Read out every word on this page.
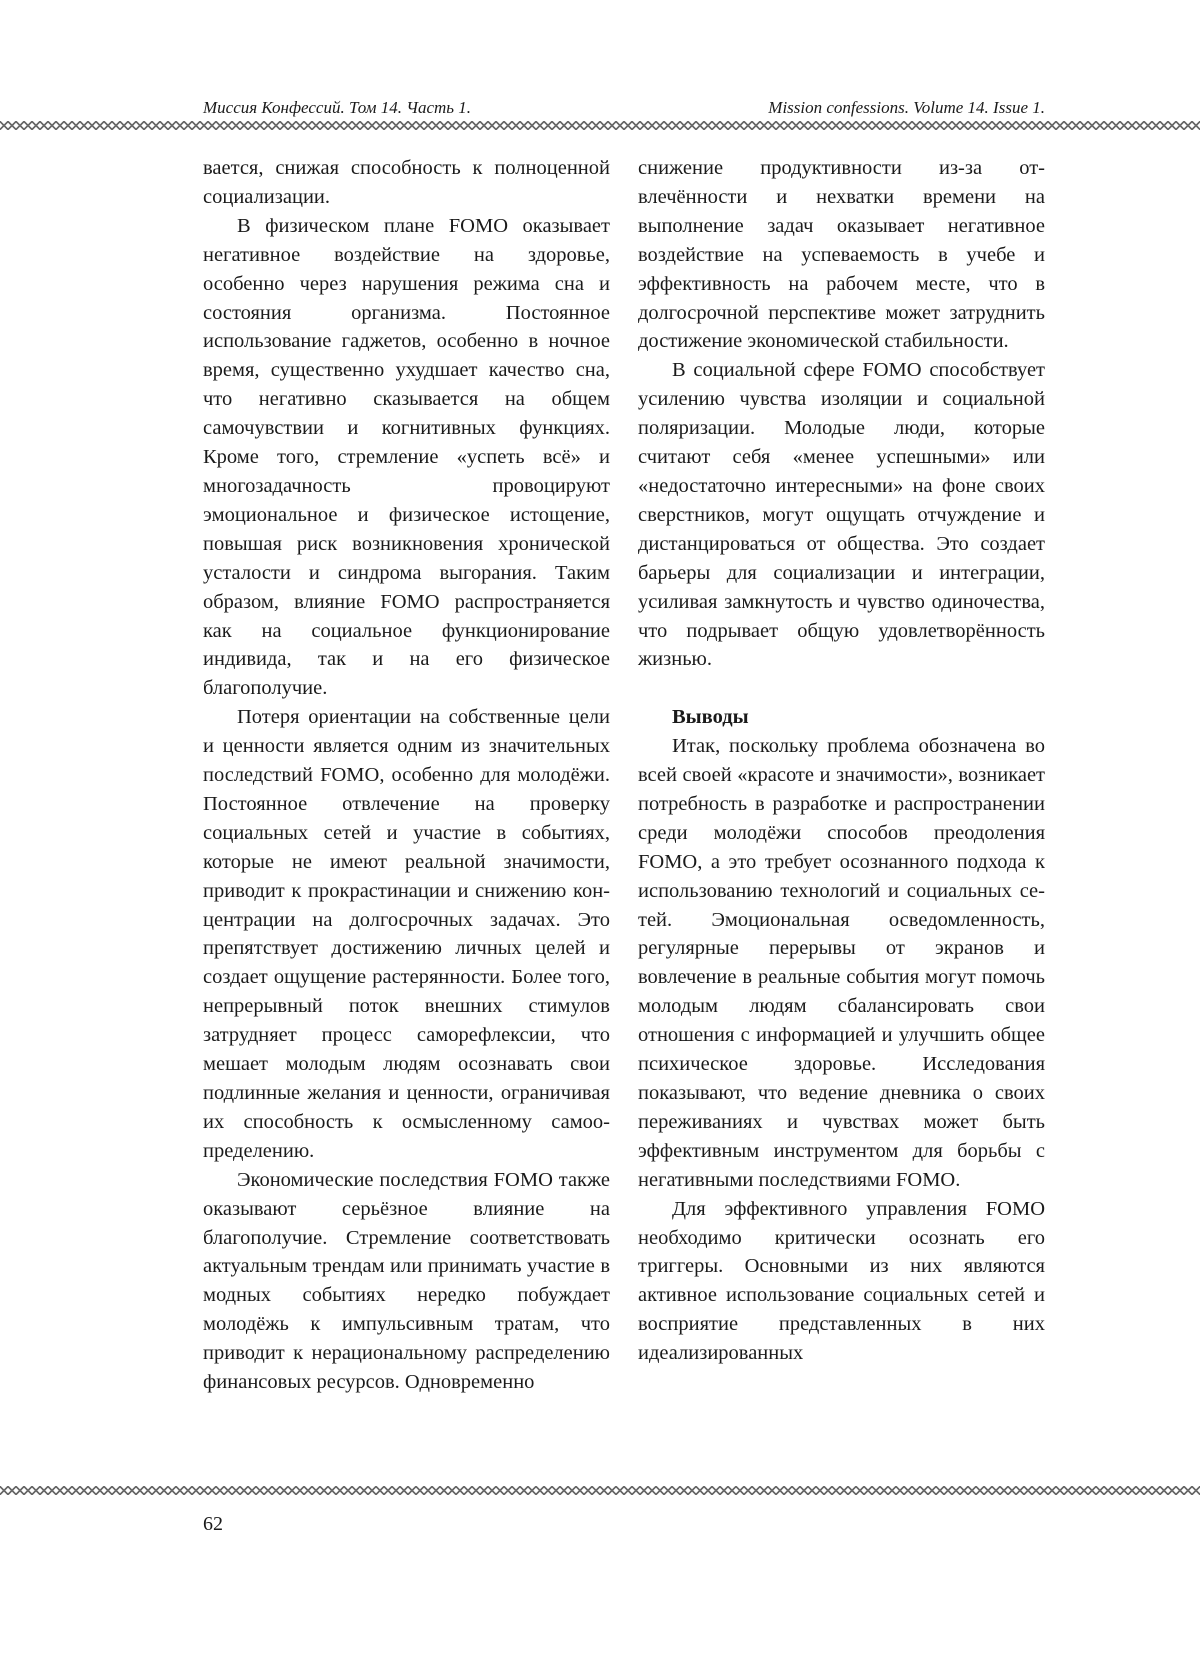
Миссия Конфессий. Том 14. Часть 1.	Mission confessions. Volume 14. Issue 1.

вается, снижая способность к полноценной социализации.

В физическом плане FOMO оказывает негативное воздействие на здоровье, особенно через нарушения режима сна и состояния организма. Постоянное использование гаджетов, особенно в ночное время, существенно ухудшает качество сна, что негативно сказывается на общем самочувствии и когнитивных функциях. Кроме того, стремление «успеть всё» и многозадачность провоцируют эмоциональное и физическое истощение, повышая риск возникновения хронической усталости и синдрома выгорания. Таким образом, влияние FOMO распространяется как на социальное функционирование индивида, так и на его физическое благополучие.

Потеря ориентации на собственные цели и ценности является одним из значительных последствий FOMO, особенно для молодёжи. Постоянное отвлечение на проверку социальных сетей и участие в событиях, которые не имеют реальной значимости, приводит к прокрастинации и снижению концентрации на долгосрочных задачах. Это препятствует достижению личных целей и создает ощущение растерянности. Более того, непрерывный поток внешних стимулов затрудняет процесс саморефлексии, что мешает молодым людям осознавать свои подлинные желания и ценности, ограничивая их способность к осмысленному самоопределению.

Экономические последствия FOMO также оказывают серьёзное влияние на благополучие. Стремление соответствовать актуальным трендам или принимать участие в модных событиях нередко побуждает молодёжь к импульсивным тратам, что приводит к нерациональному распределению финансовых ресурсов. Одновременно

снижение продуктивности из-за отвлечённости и нехватки времени на выполнение задач оказывает негативное воздействие на успеваемость в учебе и эффективность на рабочем месте, что в долгосрочной перспективе может затруднить достижение экономической стабильности.

В социальной сфере FOMO способствует усилению чувства изоляции и социальной поляризации. Молодые люди, которые считают себя «менее успешными» или «недостаточно интересными» на фоне своих сверстников, могут ощущать отчуждение и дистанцироваться от общества. Это создает барьеры для социализации и интеграции, усиливая замкнутость и чувство одиночества, что подрывает общую удовлетворённость жизнью.

Выводы

Итак, поскольку проблема обозначена во всей своей «красоте и значимости», возникает потребность в разработке и распространении среди молодёжи способов преодоления FOMO, а это требует осознанного подхода к использованию технологий и социальных сетей. Эмоциональная осведомленность, регулярные перерывы от экранов и вовлечение в реальные события могут помочь молодым людям сбалансировать свои отношения с информацией и улучшить общее психическое здоровье. Исследования показывают, что ведение дневника о своих переживаниях и чувствах может быть эффективным инструментом для борьбы с негативными последствиями FOMO.

Для эффективного управления FOMO необходимо критически осознать его триггеры. Основными из них являются активное использование социальных сетей и восприятие представленных в них идеализированных

62
